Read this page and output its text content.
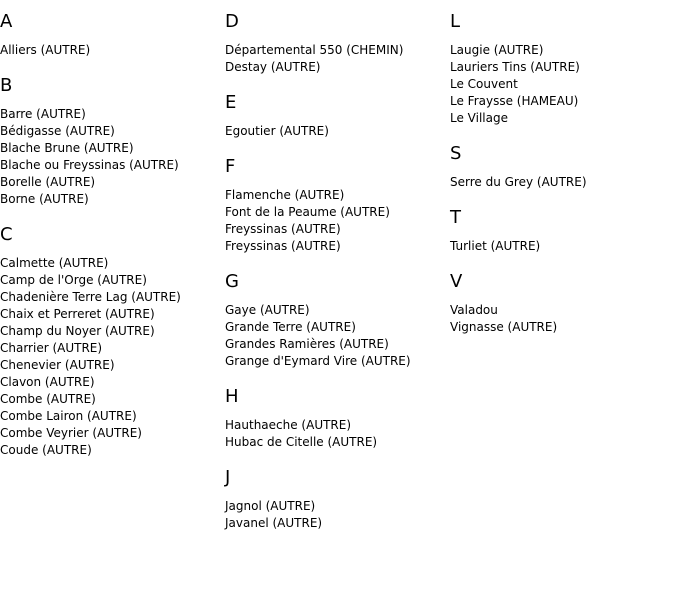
A
Alliers (AUTRE)
B
Barre (AUTRE)
Bédigasse (AUTRE)
Blache Brune (AUTRE)
Blache ou Freyssinas (AUTRE)
Borelle (AUTRE)
Borne (AUTRE)
C
Calmette (AUTRE)
Camp de l'Orge (AUTRE)
Chadenière Terre Lag (AUTRE)
Chaix et Perreret (AUTRE)
Champ du Noyer (AUTRE)
Charrier (AUTRE)
Chenevier (AUTRE)
Clavon (AUTRE)
Combe (AUTRE)
Combe Lairon (AUTRE)
Combe Veyrier (AUTRE)
Coude (AUTRE)
D
Départemental 550 (CHEMIN)
Destay (AUTRE)
E
Egoutier (AUTRE)
F
Flamenche (AUTRE)
Font de la Peaume (AUTRE)
Freyssinas (AUTRE)
Freyssinas (AUTRE)
G
Gaye (AUTRE)
Grande Terre (AUTRE)
Grandes Ramières (AUTRE)
Grange d'Eymard Vire (AUTRE)
H
Hauthaeche (AUTRE)
Hubac de Citelle (AUTRE)
J
Jagnol (AUTRE)
Javanel (AUTRE)
L
Laugie (AUTRE)
Lauriers Tins (AUTRE)
Le Couvent
Le Fraysse (HAMEAU)
Le Village
S
Serre du Grey (AUTRE)
T
Turliet (AUTRE)
V
Valadou
Vignasse (AUTRE)
